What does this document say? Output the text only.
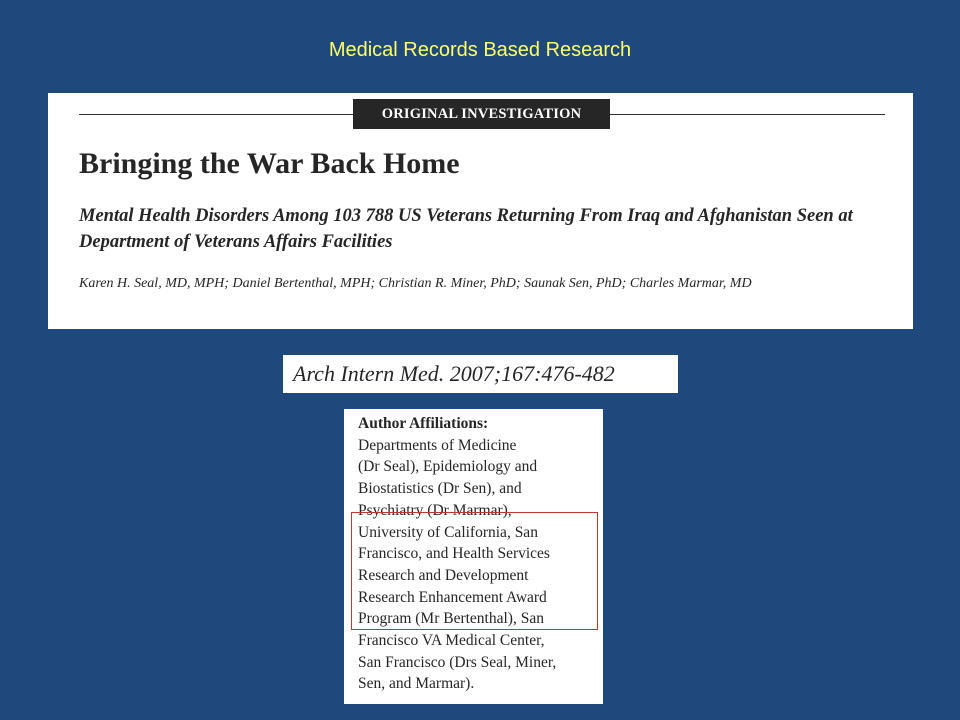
Medical Records Based Research
ORIGINAL INVESTIGATION
Bringing the War Back Home
Mental Health Disorders Among 103 788 US Veterans Returning From Iraq and Afghanistan Seen at Department of Veterans Affairs Facilities

Karen H. Seal, MD, MPH; Daniel Bertenthal, MPH; Christian R. Miner, PhD; Saunak Sen, PhD; Charles Marmar, MD

Arch Intern Med. 2007;167:476-482
Author Affiliations:
Departments of Medicine
(Dr Seal), Epidemiology and
Biostatistics (Dr Sen), and
Psychiatry (Dr Marmar),
University of California, San
Francisco, and Health Services
Research and Development
Research Enhancement Award
Program (Mr Bertenthal), San
Francisco VA Medical Center,
San Francisco (Drs Seal, Miner,
Sen, and Marmar).
